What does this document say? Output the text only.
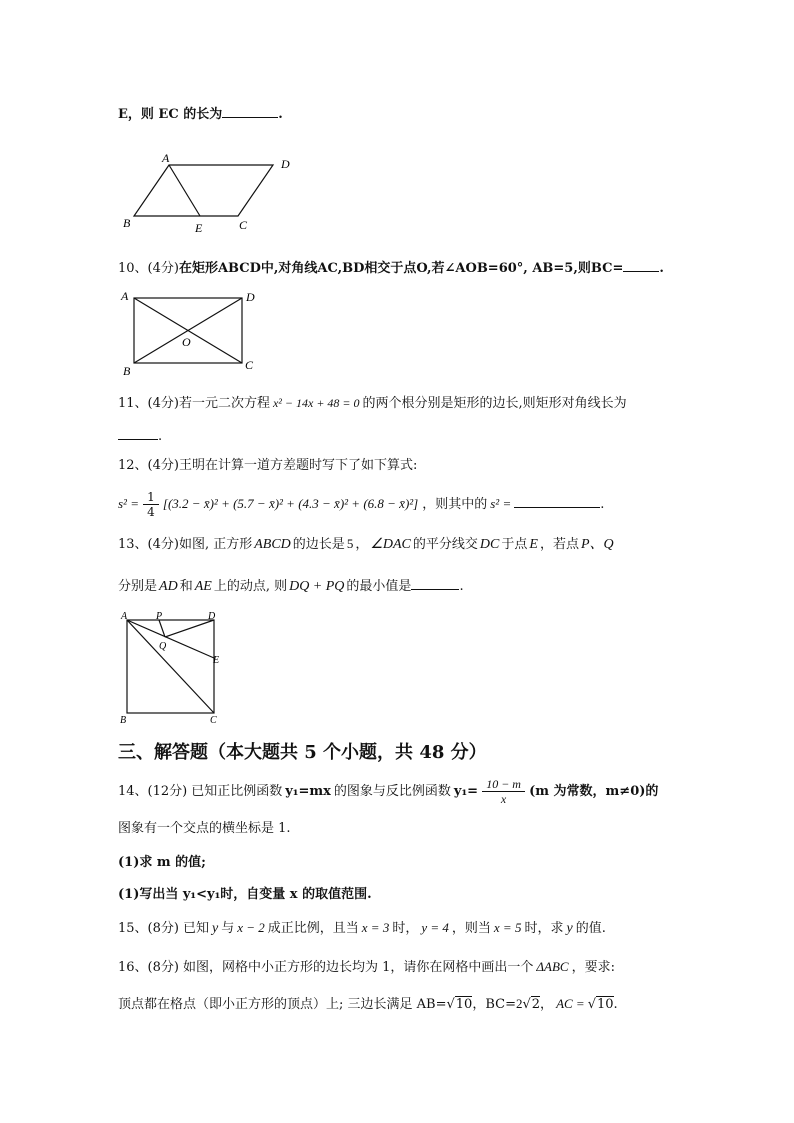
E，则 EC 的长为	.
A	D
B	E	C
10、(4分)在矩形ABCD中,对角线AC,BD相交于点O,若∠AOB=60°, AB=5,则BC=	.
A	D
O
B	C
11、(4分)若一元二次方程 x² − 14x + 48 = 0 的两个根分别是矩形的边长,则矩形对角线长为
.
12、(4分)王明在计算一道方差题时写下了如下算式:
$s^2 = \frac{1}{4} [(3.2$ − x̄)² + (5.7 − x̄)² + (4.3 − x̄)² + (6.8 − x̄)²] ，则其中的 s² =	.
13、(4分)如图, 正方形 ABCD 的边长是 5 ， ∠DAC 的平分线交 DC 于点 E ，若点 P、Q
分别是 AD 和 AE 上的动点, 则 DQ + PQ 的最小值是	.
A	P	D
Q
E
B	C
三、解答题（本大题共 5 个小题，共 48 分）
14、(12分) 已知正比例函数 y₁=mx 的图象与反比例函数 $y_1= \frac{10 - m}{x} (m$ 为常数，m≠0)的
图象有一个交点的横坐标是 1.
(1)求 m 的值;
(1)写出当 y₁<y₁时，自变量 x 的取值范围.
15、(8分) 已知 y 与 x − 2 成正比例，且当 x = 3 时， y = 4 ，则当 x = 5 时，求 y 的值.
16、(8分) 如图，网格中小正方形的边长均为 1，请你在网格中画出一个 ΔABC ，要求:
顶点都在格点（即小正方形的顶点）上; 三边长满足 AB=√10，BC=2√2， AC = √10.
